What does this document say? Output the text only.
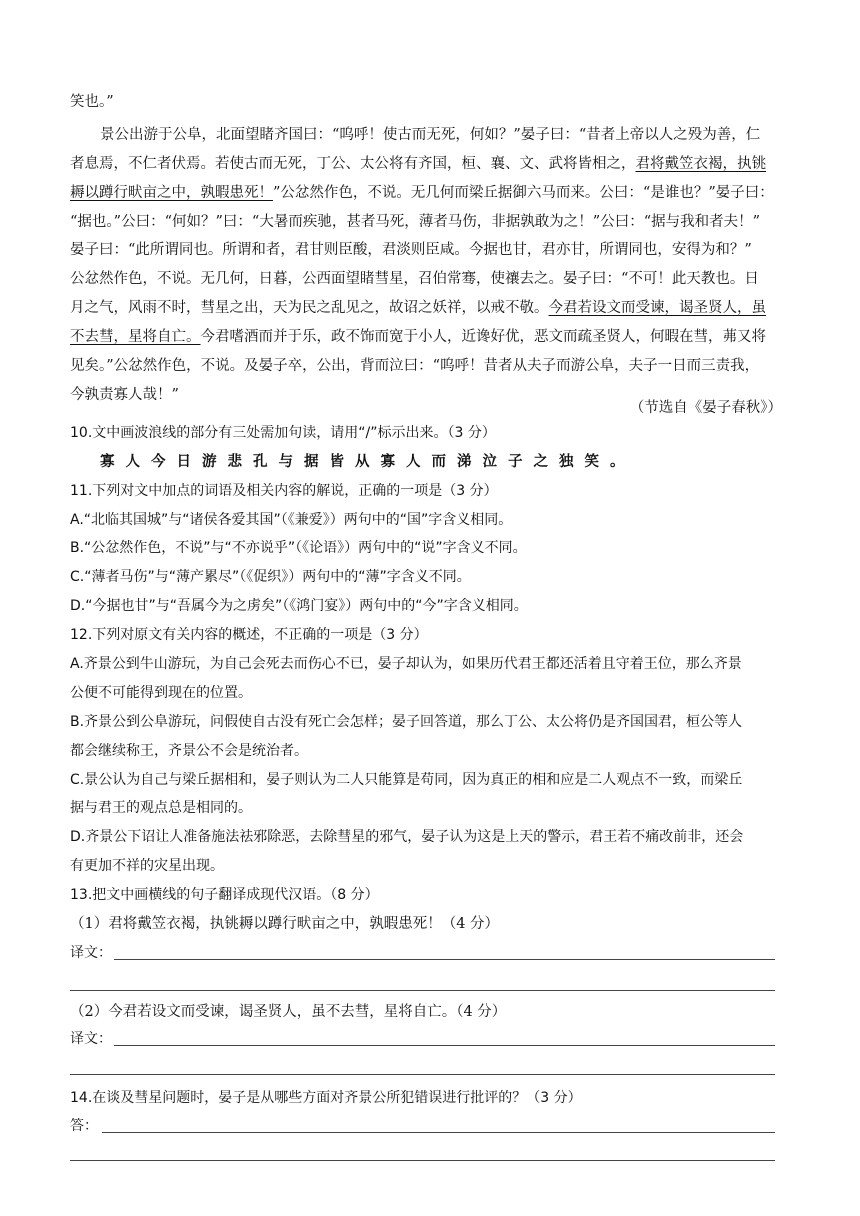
笑也。”
景公出游于公阜，北面望睹齐国曰：“呜呼！使古而无死，何如？”晏子曰：“昔者上帝以人之殁为善，仁
者息焉，不仁者伏焉。若使古而无死，丁公、太公将有齐国，桓、襄、文、武将皆相之，君将戴笠衣褐，执铫
耨以蹲行畎亩之中，孰暇患死！”公忿然作色，不说。无几何而梁丘据御六马而来。公曰：“是谁也？”晏子曰：
“据也。”公曰：“何如？”曰：“大暑而疾驰，甚者马死，薄者马伤，非据孰敢为之！”公曰：“据与我和者夫！”
晏子曰：“此所谓同也。所谓和者，君甘则臣酸，君淡则臣咸。今据也甘，君亦甘，所谓同也，安得为和？”
公忿然作色，不说。无几何，日暮，公西面望睹彗星，召伯常骞，使禳去之。晏子曰：“不可！此天教也。日
月之气，风雨不时，彗星之出，天为民之乱见之，故诏之妖祥，以戒不敬。今君若设文而受谏，谒圣贤人，虽
不去彗，星将自亡。今君嗜酒而并于乐，政不饰而宽于小人，近谗好优，恶文而疏圣贤人，何暇在彗，茀又将
见矣。”公忿然作色，不说。及晏子卒，公出，背而泣曰：“呜呼！昔者从夫子而游公阜，夫子一日而三责我，
今孰责寡人哉！”
（节选自《晏子春秋》）
10.文中画波浪线的部分有三处需加句读，请用“/”标示出来。（3 分）
寡人今日游悲孔与据皆从寡人而涕泣子之独笑。
11.下列对文中加点的词语及相关内容的解说，正确的一项是（3 分）
A.“北临其国城”与“诸侯各爱其国”（《兼爱》）两句中的“国”字含义相同。
B.“公忿然作色，不说”与“不亦说乎”（《论语》）两句中的“说”字含义不同。
C.“薄者马伤”与“薄产累尽”（《促织》）两句中的“薄”字含义不同。
D.“今据也甘”与“吾属今为之虏矣”（《鸿门宴》）两句中的“今”字含义相同。
12.下列对原文有关内容的概述，不正确的一项是（3 分）
A.齐景公到牛山游玩，为自己会死去而伤心不已，晏子却认为，如果历代君王都还活着且守着王位，那么齐景
公便不可能得到现在的位置。
B.齐景公到公阜游玩，问假使自古没有死亡会怎样；晏子回答道，那么丁公、太公将仍是齐国国君，桓公等人
都会继续称王，齐景公不会是统治者。
C.景公认为自己与梁丘据相和，晏子则认为二人只能算是苟同，因为真正的相和应是二人观点不一致，而梁丘
据与君王的观点总是相同的。
D.齐景公下诏让人准备施法祛邪除恶，去除彗星的邪气，晏子认为这是上天的警示，君王若不痛改前非，还会
有更加不祥的灾星出现。
13.把文中画横线的句子翻译成现代汉语。（8 分）
（1）君将戴笠衣褐，执铫耨以蹲行畎亩之中，孰暇患死！（4 分）
译文：
（2）今君若设文而受谏，谒圣贤人，虽不去彗，星将自亡。（4 分）
译文：
14.在谈及彗星问题时，晏子是从哪些方面对齐景公所犯错误进行批评的？（3 分）
答：
